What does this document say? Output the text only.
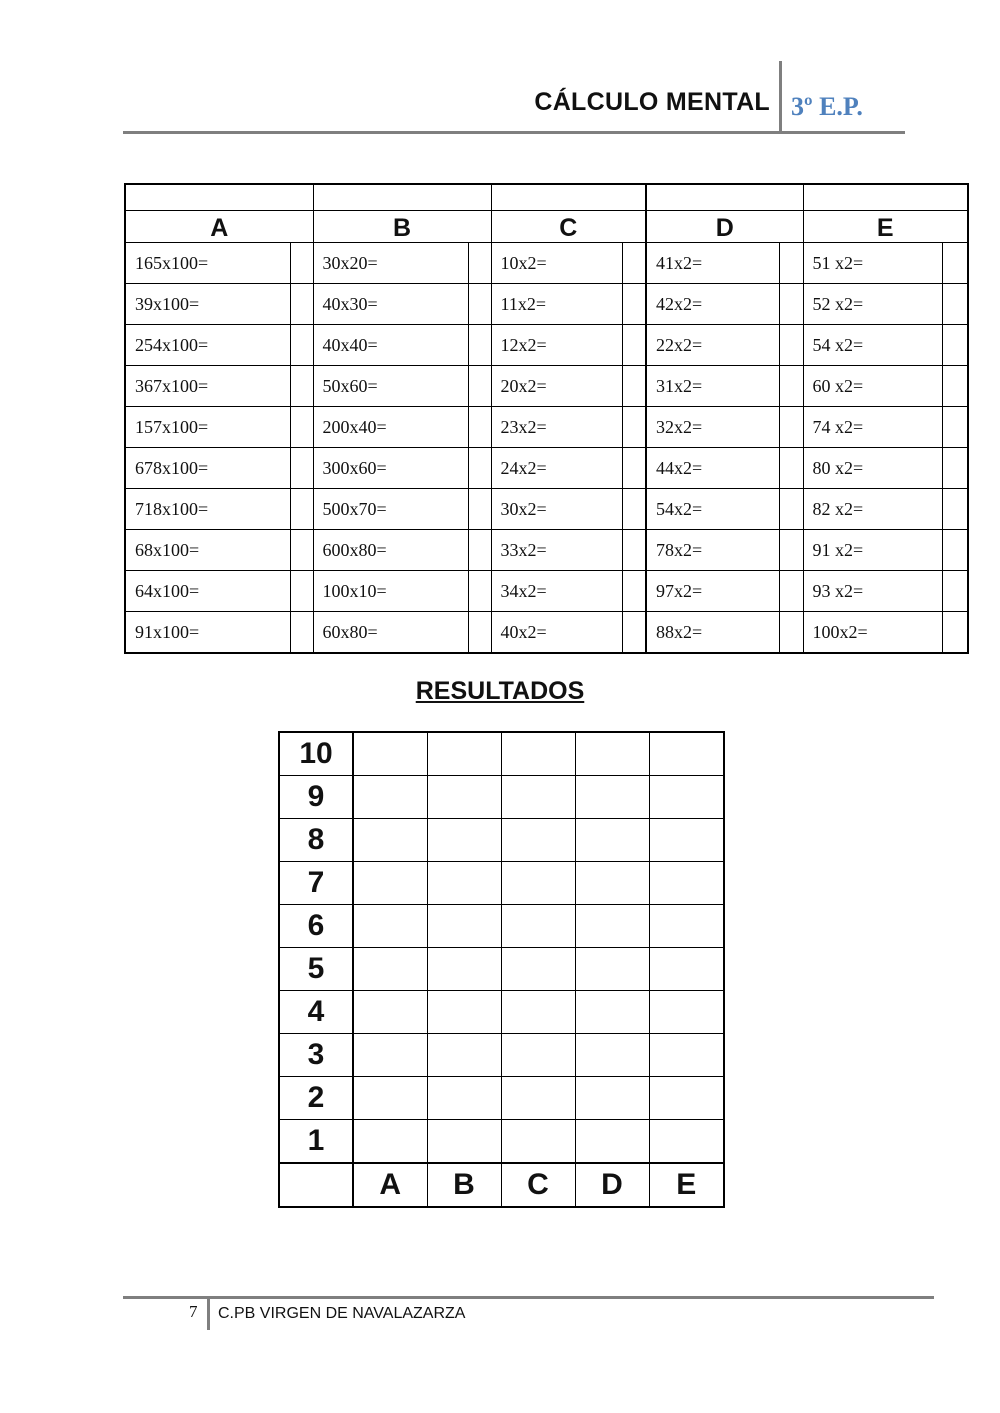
CÁLCULO MENTAL 3º E.P.

A		B		C		D		E	
165x100=		30x20=		10x2=		41x2=		51 x2=	
39x100=		40x30=		11x2=		42x2=		52 x2=	
254x100=		40x40=		12x2=		22x2=		54 x2=	
367x100=		50x60=		20x2=		31x2=		60 x2=	
157x100=		200x40=		23x2=		32x2=		74 x2=	
678x100=		300x60=		24x2=		44x2=		80 x2=	
718x100=		500x70=		30x2=		54x2=		82 x2=	
68x100=		600x80=		33x2=		78x2=		91 x2=	
64x100=		100x10=		34x2=		97x2=		93 x2=	
91x100=		60x80=		40x2=		88x2=		100x2=	
RESULTADOS
10					
9					
8					
7					
6					
5					
4					
3					
2					
1					
	A	B	C	D	E
7 C.PB VIRGEN DE NAVALAZARZA
